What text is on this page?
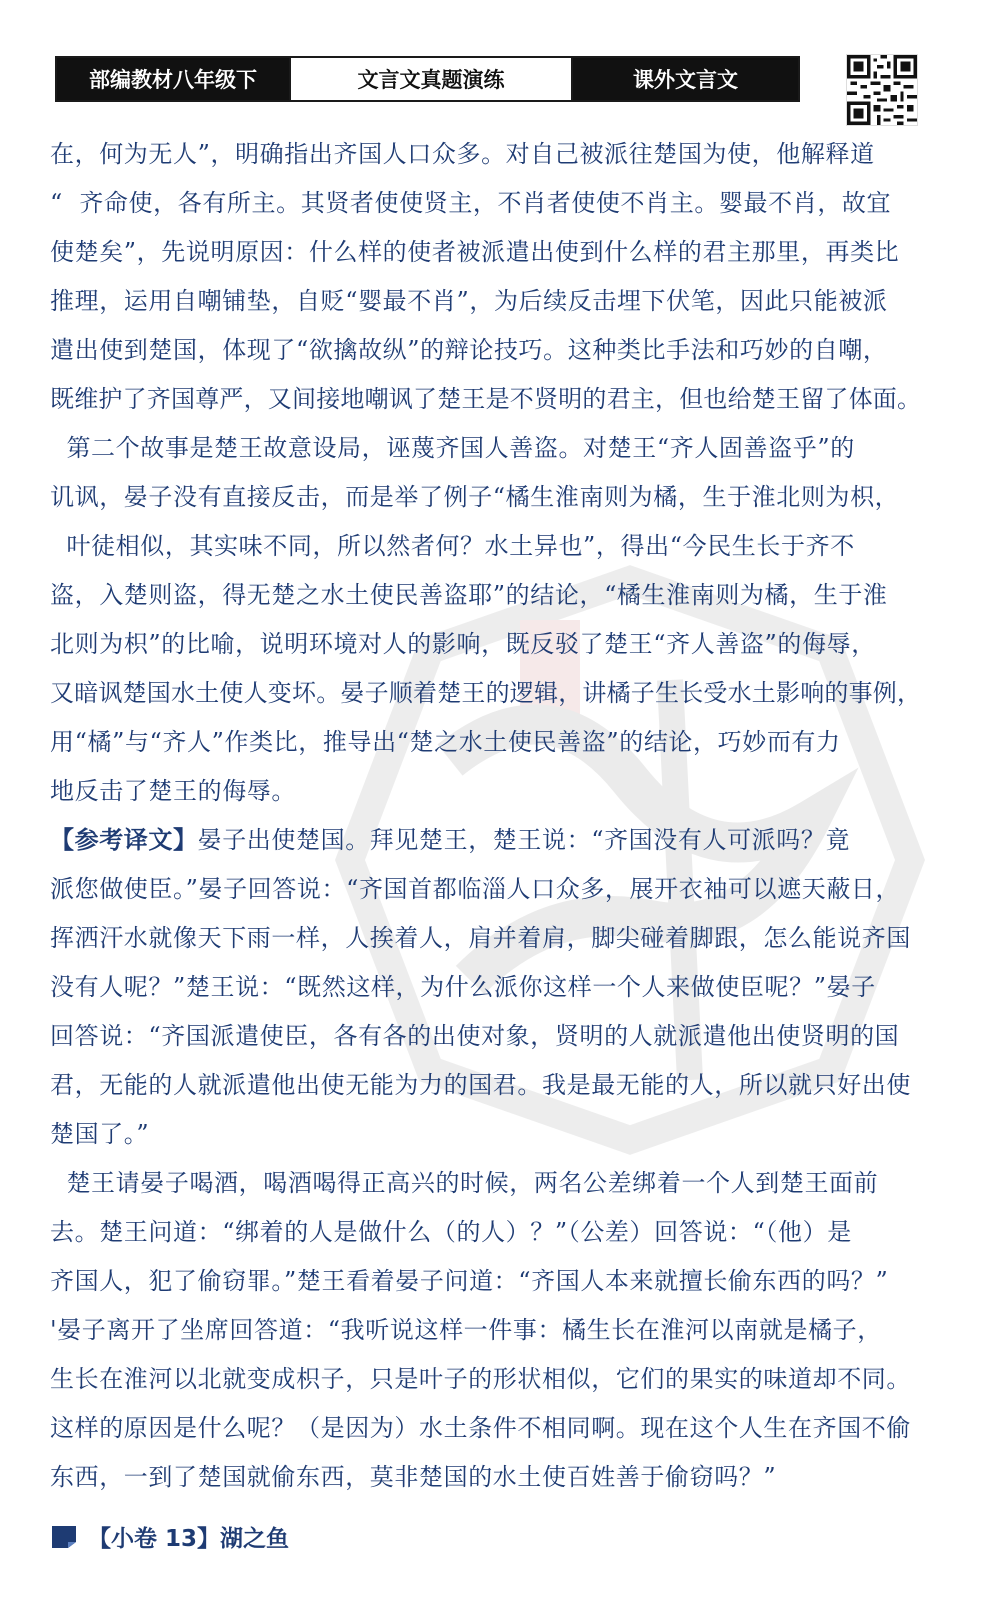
部编教材八年级下	文言文真题演练	课外文言文

在，何为无人”，明确指出齐国人口众多。对自己被派往楚国为使，他解释道

“  齐命使，各有所主。其贤者使使贤主，不肖者使使不肖主。婴最不肖，故宜

使楚矣”，先说明原因：什么样的使者被派遣出使到什么样的君主那里，再类比

推理，运用自嘲铺垫，自贬“婴最不肖”，为后续反击埋下伏笔，因此只能被派

遣出使到楚国，体现了“欲擒故纵”的辩论技巧。这种类比手法和巧妙的自嘲，

既维护了齐国尊严，又间接地嘲讽了楚王是不贤明的君主，但也给楚王留了体面。

第二个故事是楚王故意设局，诬蔑齐国人善盗。对楚王“齐人固善盗乎”的

讥讽，晏子没有直接反击，而是举了例子“橘生淮南则为橘，生于淮北则为枳，

叶徒相似，其实味不同，所以然者何？水土异也”，得出“今民生长于齐不

盗，入楚则盗，得无楚之水土使民善盗耶”的结论，“橘生淮南则为橘，生于淮

北则为枳”的比喻，说明环境对人的影响，既反驳了楚王“齐人善盗”的侮辱，

又暗讽楚国水土使人变坏。晏子顺着楚王的逻辑，讲橘子生长受水土影响的事例，

用“橘”与“齐人”作类比，推导出“楚之水土使民善盗”的结论，巧妙而有力

地反击了楚王的侮辱。

【参考译文】晏子出使楚国。拜见楚王，楚王说：“齐国没有人可派吗？竟

派您做使臣。”晏子回答说：“齐国首都临淄人口众多，展开衣袖可以遮天蔽日，

挥洒汗水就像天下雨一样，人挨着人，肩并着肩，脚尖碰着脚跟，怎么能说齐国

没有人呢？”楚王说：“既然这样，为什么派你这样一个人来做使臣呢？”晏子

回答说：“齐国派遣使臣，各有各的出使对象，贤明的人就派遣他出使贤明的国

君，无能的人就派遣他出使无能为力的国君。我是最无能的人，所以就只好出使

楚国了。”

楚王请晏子喝酒，喝酒喝得正高兴的时候，两名公差绑着一个人到楚王面前

去。楚王问道：“绑着的人是做什么（的人）？”（公差）回答说：“（他）是

齐国人，犯了偷窃罪。”楚王看着晏子问道：“齐国人本来就擅长偷东西的吗？”

'晏子离开了坐席回答道：“我听说这样一件事：橘生长在淮河以南就是橘子，

生长在淮河以北就变成枳子，只是叶子的形状相似，它们的果实的味道却不同。

这样的原因是什么呢？（是因为）水土条件不相同啊。现在这个人生在齐国不偷

东西，一到了楚国就偷东西，莫非楚国的水土使百姓善于偷窃吗？”

【小卷 13】湖之鱼
